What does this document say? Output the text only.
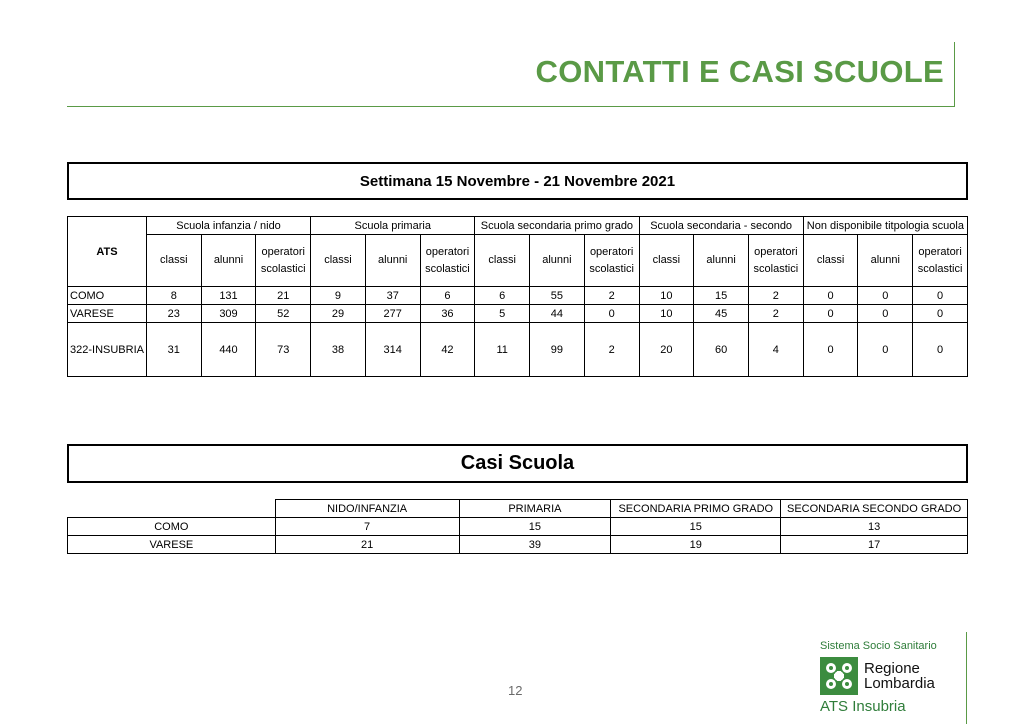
CONTATTI E CASI SCUOLE
Settimana 15 Novembre - 21 Novembre 2021
ATS	Scuola infanzia / nido			Scuola primaria			Scuola secondaria primo grado			Scuola secondaria - secondo			Non disponibile titpologia scuola		
	classi	alunni	operatori
scolastici	classi	alunni	operatori
scolastici	classi	alunni	operatori
scolastici	classi	alunni	operatori
scolastici	classi	alunni	operatori
scolastici
COMO	8	131	21	9	37	6	6	55	2	10	15	2	0	0	0
VARESE	23	309	52	29	277	36	5	44	0	10	45	2	0	0	0
322-INSUBRIA	31	440	73	38	314	42	11	99	2	20	60	4	0	0	0
Casi Scuola
	NIDO/INFANZIA	PRIMARIA	SECONDARIA PRIMO GRADO	SECONDARIA SECONDO GRADO
COMO	7	15	15	13
VARESE	21	39	19	17
12
Sistema Socio Sanitario
Regione
Lombardia
ATS Insubria
